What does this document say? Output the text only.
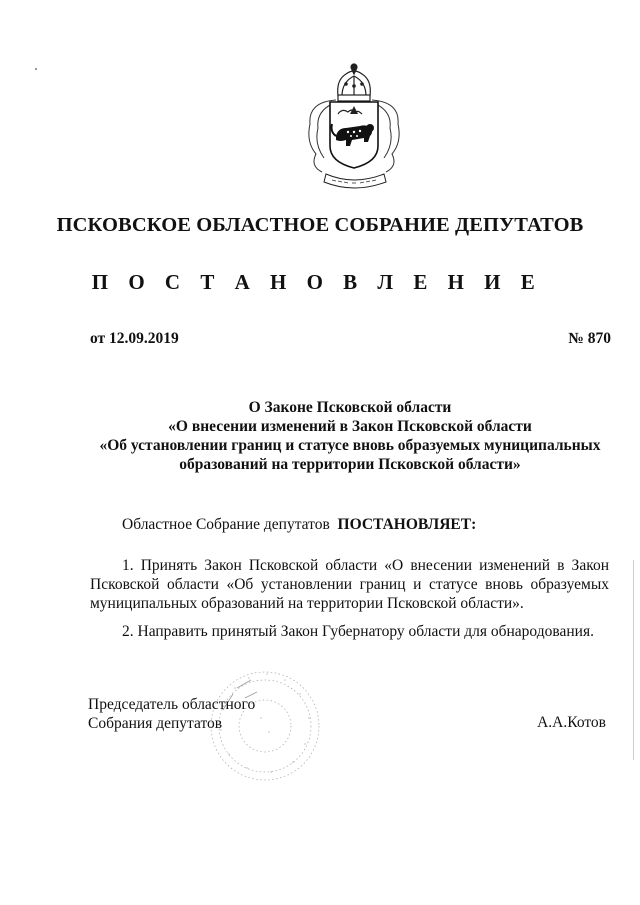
ПСКОВСКОЕ ОБЛАСТНОЕ СОБРАНИЕ ДЕПУТАТОВ
П О С Т А Н О В Л Е Н И Е
от 12.09.2019	№ 870
О Законе Псковской области
«О внесении изменений в Закон Псковской области
«Об установлении границ и статусе вновь образуемых муниципальных
образований на территории Псковской области»
Областное Собрание депутатов ПОСТАНОВЛЯЕТ:
1. Принять Закон Псковской области «О внесении изменений в Закон
Псковской области «Об установлении границ и статусе вновь образуемых
муниципальных образований на территории Псковской области».
2. Направить принятый Закон Губернатору области для обнародования.
Председатель областного
Собрания депутатов	А.А.Котов
